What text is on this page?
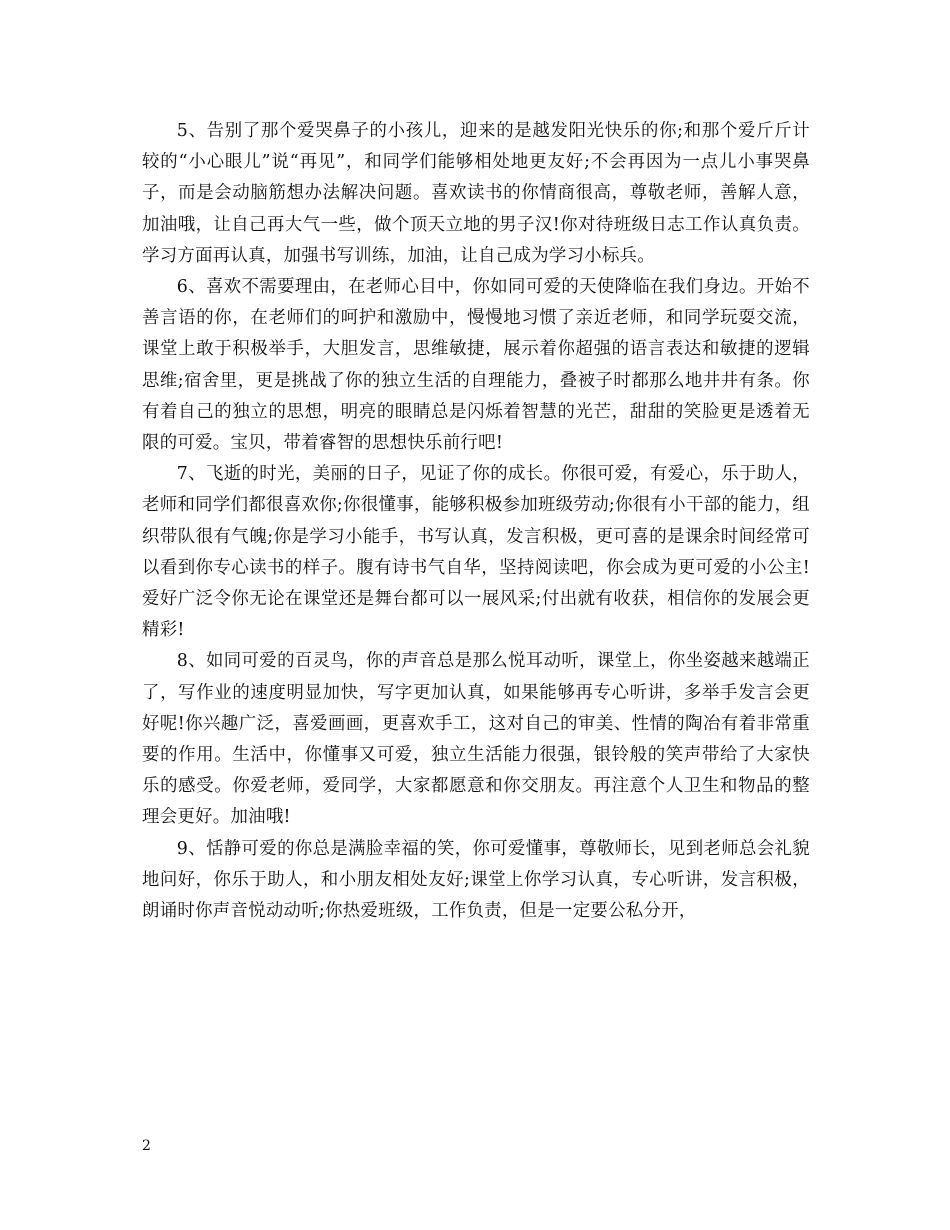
5、告别了那个爱哭鼻子的小孩儿，迎来的是越发阳光快乐的你;和那个爱斤斤计较的“小心眼儿”说“再见”，和同学们能够相处地更友好;不会再因为一点儿小事哭鼻子，而是会动脑筋想办法解决问题。喜欢读书的你情商很高，尊敬老师，善解人意，加油哦，让自己再大气一些，做个顶天立地的男子汉!你对待班级日志工作认真负责。学习方面再认真，加强书写训练，加油，让自己成为学习小标兵。

6、喜欢不需要理由，在老师心目中，你如同可爱的天使降临在我们身边。开始不善言语的你，在老师们的呵护和激励中，慢慢地习惯了亲近老师，和同学玩耍交流，课堂上敢于积极举手，大胆发言，思维敏捷，展示着你超强的语言表达和敏捷的逻辑思维;宿舍里，更是挑战了你的独立生活的自理能力，叠被子时都那么地井井有条。你有着自己的独立的思想，明亮的眼睛总是闪烁着智慧的光芒，甜甜的笑脸更是透着无限的可爱。宝贝，带着睿智的思想快乐前行吧!

7、飞逝的时光，美丽的日子，见证了你的成长。你很可爱，有爱心，乐于助人，老师和同学们都很喜欢你;你很懂事，能够积极参加班级劳动;你很有小干部的能力，组织带队很有气魄;你是学习小能手，书写认真，发言积极，更可喜的是课余时间经常可以看到你专心读书的样子。腹有诗书气自华，坚持阅读吧，你会成为更可爱的小公主!爱好广泛令你无论在课堂还是舞台都可以一展风采;付出就有收获，相信你的发展会更精彩!

8、如同可爱的百灵鸟，你的声音总是那么悦耳动听，课堂上，你坐姿越来越端正了，写作业的速度明显加快，写字更加认真，如果能够再专心听讲，多举手发言会更好呢!你兴趣广泛，喜爱画画，更喜欢手工，这对自己的审美、性情的陶冶有着非常重要的作用。生活中，你懂事又可爱，独立生活能力很强，银铃般的笑声带给了大家快乐的感受。你爱老师，爱同学，大家都愿意和你交朋友。再注意个人卫生和物品的整理会更好。加油哦!

9、恬静可爱的你总是满脸幸福的笑，你可爱懂事，尊敬师长，见到老师总会礼貌地问好，你乐于助人，和小朋友相处友好;课堂上你学习认真，专心听讲，发言积极，朗诵时你声音悦动动听;你热爱班级，工作负责，但是一定要公私分开，

2
